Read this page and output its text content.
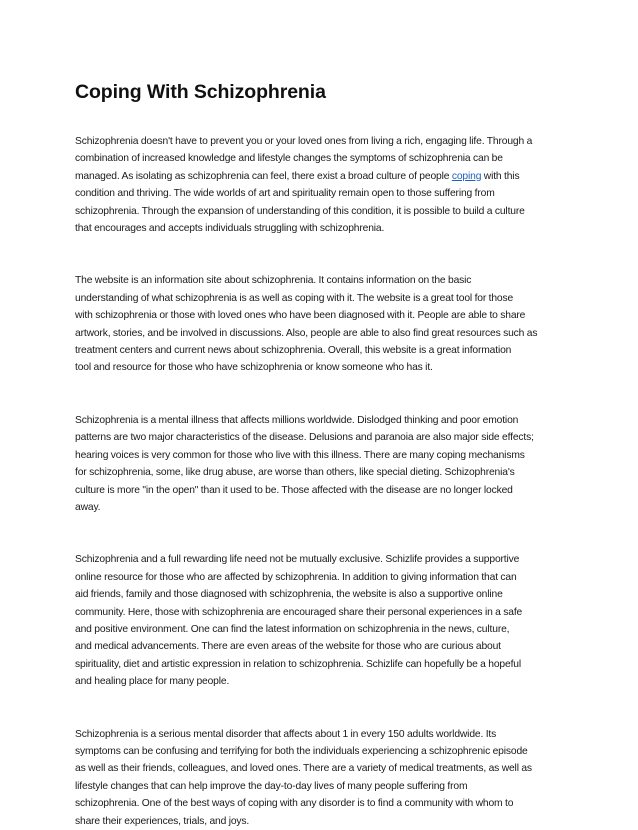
Coping With Schizophrenia

Schizophrenia doesn't have to prevent you or your loved ones from living a rich, engaging life. Through a
combination of increased knowledge and lifestyle changes the symptoms of schizophrenia can be
managed. As isolating as schizophrenia can feel, there exist a broad culture of people coping with this
condition and thriving. The wide worlds of art and spirituality remain open to those suffering from
schizophrenia. Through the expansion of understanding of this condition, it is possible to build a culture
that encourages and accepts individuals struggling with schizophrenia.

The website is an information site about schizophrenia. It contains information on the basic
understanding of what schizophrenia is as well as coping with it. The website is a great tool for those
with schizophrenia or those with loved ones who have been diagnosed with it. People are able to share
artwork, stories, and be involved in discussions. Also, people are able to also find great resources such as
treatment centers and current news about schizophrenia. Overall, this website is a great information
tool and resource for those who have schizophrenia or know someone who has it.

Schizophrenia is a mental illness that affects millions worldwide. Dislodged thinking and poor emotion
patterns are two major characteristics of the disease. Delusions and paranoia are also major side effects;
hearing voices is very common for those who live with this illness. There are many coping mechanisms
for schizophrenia, some, like drug abuse, are worse than others, like special dieting. Schizophrenia's
culture is more "in the open" than it used to be. Those affected with the disease are no longer locked
away.

Schizophrenia and a full rewarding life need not be mutually exclusive. Schizlife provides a supportive
online resource for those who are affected by schizophrenia. In addition to giving information that can
aid friends, family and those diagnosed with schizophrenia, the website is also a supportive online
community. Here, those with schizophrenia are encouraged share their personal experiences in a safe
and positive environment. One can find the latest information on schizophrenia in the news, culture,
and medical advancements. There are even areas of the website for those who are curious about
spirituality, diet and artistic expression in relation to schizophrenia. Schizlife can hopefully be a hopeful
and healing place for many people.

Schizophrenia is a serious mental disorder that affects about 1 in every 150 adults worldwide. Its
symptoms can be confusing and terrifying for both the individuals experiencing a schizophrenic episode
as well as their friends, colleagues, and loved ones. There are a variety of medical treatments, as well as
lifestyle changes that can help improve the day-to-day lives of many people suffering from
schizophrenia. One of the best ways of coping with any disorder is to find a community with whom to
share their experiences, trials, and joys.
